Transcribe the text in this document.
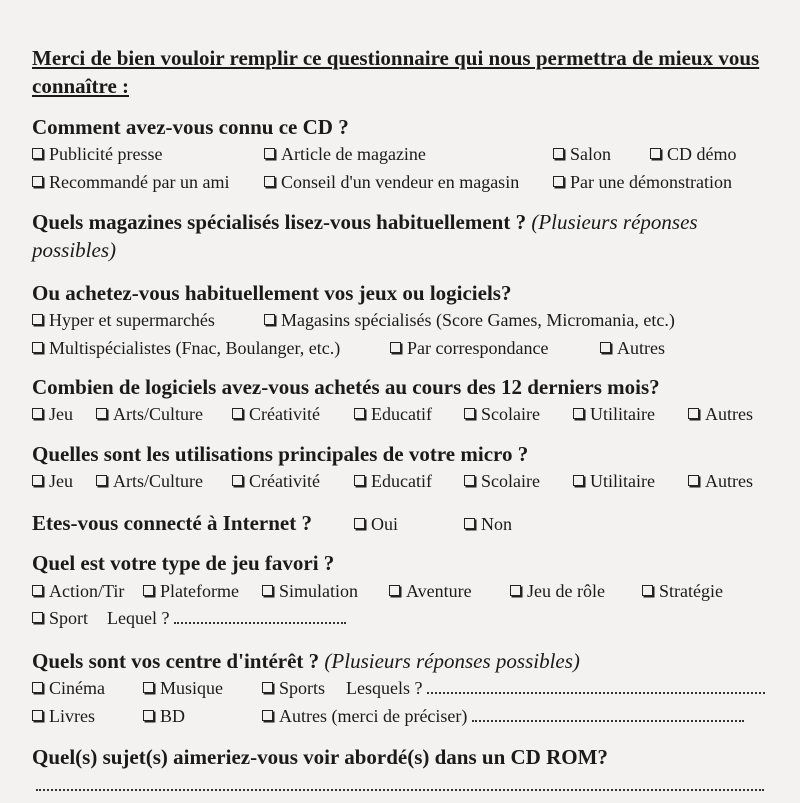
Merci de bien vouloir remplir ce questionnaire qui nous permettra de mieux vous connaître :
Comment avez-vous connu ce CD ?
Publicité presse	Article de magazine	Salon	CD démo
Recommandé par un ami	Conseil d'un vendeur en magasin	Par une démonstration
Quels magazines spécialisés lisez-vous habituellement ? (Plusieurs réponses possibles)
Ou achetez-vous habituellement vos jeux ou logiciels?
Hyper et supermarchés	Magasins spécialisés (Score Games, Micromania, etc.)
Multispécialistes (Fnac, Boulanger, etc.)	Par correspondance	Autres
Combien de logiciels avez-vous achetés au cours des 12 derniers mois?
Jeu	Arts/Culture	Créativité	Educatif	Scolaire	Utilitaire	Autres
Quelles sont les utilisations principales de votre micro ?
Jeu	Arts/Culture	Créativité	Educatif	Scolaire	Utilitaire	Autres
Etes-vous connecté à Internet ?	Oui	Non
Quel est votre type de jeu favori ?
Action/Tir	Plateforme	Simulation	Aventure	Jeu de rôle	Stratégie
Sport Lequel ?
Quels sont vos centre d'intérêt ? (Plusieurs réponses possibles)
Cinéma	Musique	Sports Lesquels ?
Livres	BD	Autres (merci de préciser)
Quel(s) sujet(s) aimeriez-vous voir abordé(s) dans un CD ROM?
